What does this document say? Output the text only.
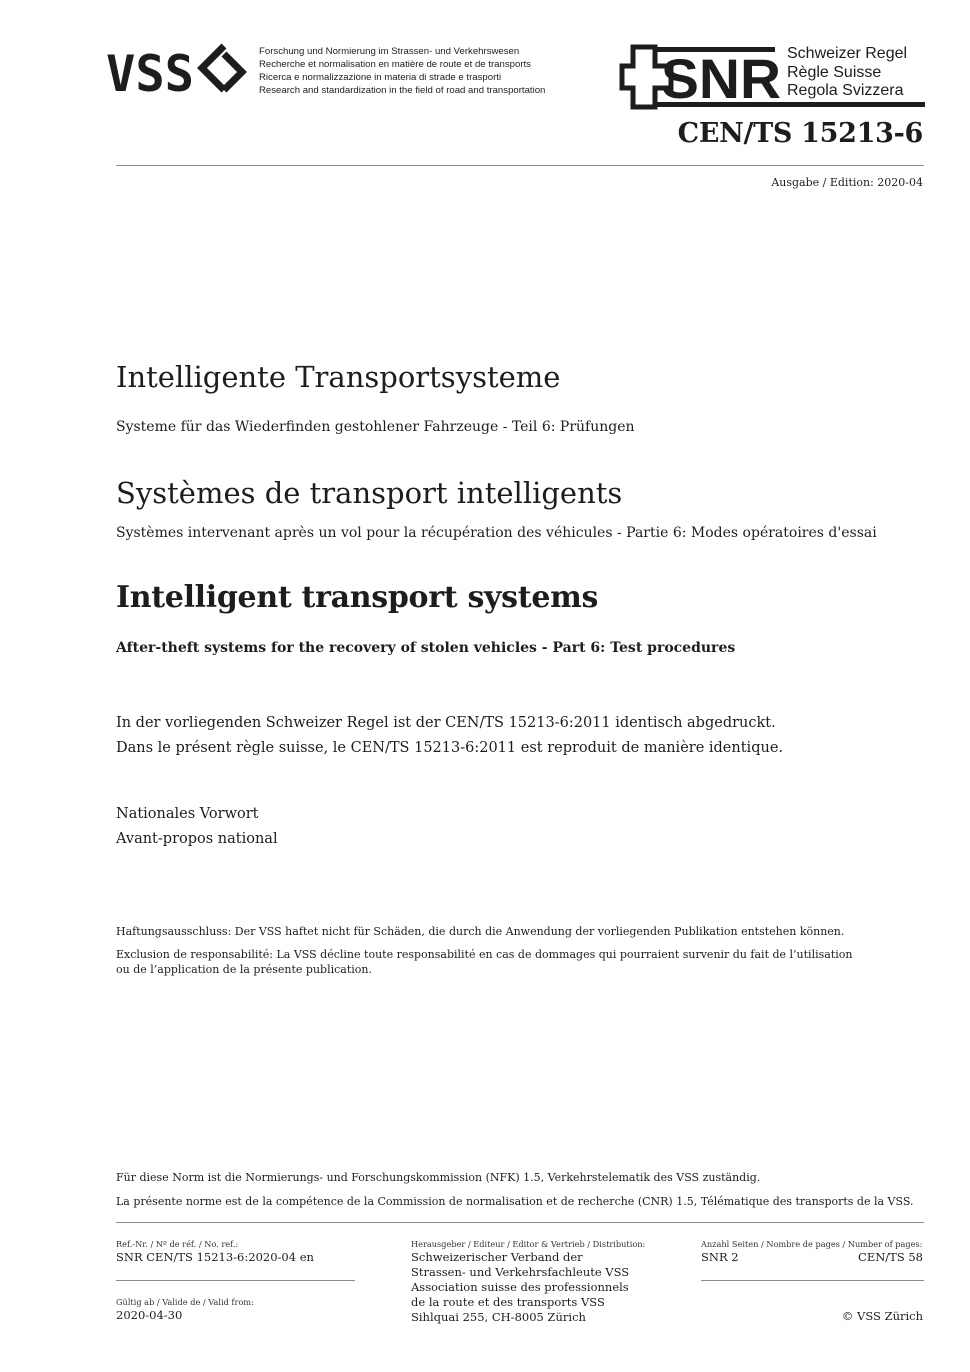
VSS	Forschung und Normierung im Strassen- und Verkehrswesen
Recherche et normalisation en matière de route et de transports
Ricerca e normalizzazione in materia di strade e trasporti
Research and standardization in the field of road and transportation SNR Schweizer Regel
Règle Suisse
Regola Svizzera
CEN/TS 15213-6
Ausgabe / Edition: 2020-04
Intelligente Transportsysteme
Systeme für das Wiederfinden gestohlener Fahrzeuge - Teil 6: Prüfungen
Systèmes de transport intelligents
Systèmes intervenant après un vol pour la récupération des véhicules - Partie 6: Modes opératoires d'essai
Intelligent transport systems
After-theft systems for the recovery of stolen vehicles - Part 6: Test procedures
In der vorliegenden Schweizer Regel ist der CEN/TS 15213-6:2011 identisch abgedruckt.
Dans le présent règle suisse, le CEN/TS 15213-6:2011 est reproduit de manière identique.
Nationales Vorwort
Avant-propos national
Haftungsausschluss: Der VSS haftet nicht für Schäden, die durch die Anwendung der vorliegenden Publikation entstehen können.
Exclusion de responsabilité: La VSS décline toute responsabilité en cas de dommages qui pourraient survenir du fait de l’utilisation ou de l’application de la présente publication.
Für diese Norm ist die Normierungs- und Forschungskommission (NFK) 1.5, Verkehrstelematik des VSS zuständig.
La présente norme est de la compétence de la Commission de normalisation et de recherche (CNR) 1.5, Télématique des transports de la VSS.
Ref.-Nr. / Nº de réf. / No. ref.:
SNR CEN/TS 15213-6:2020-04 en
Gültig ab / Valide de / Valid from:
2020-04-30
Herausgeber / Editeur / Editor & Vertrieb / Distribution:
Schweizerischer Verband der
Strassen- und Verkehrsfachleute VSS
Association suisse des professionnels
de la route et des transports VSS
Sihlquai 255, CH-8005 Zürich
Anzahl Seiten / Nombre de pages / Number of pages:
SNR 2	CEN/TS 58
© VSS Zürich
